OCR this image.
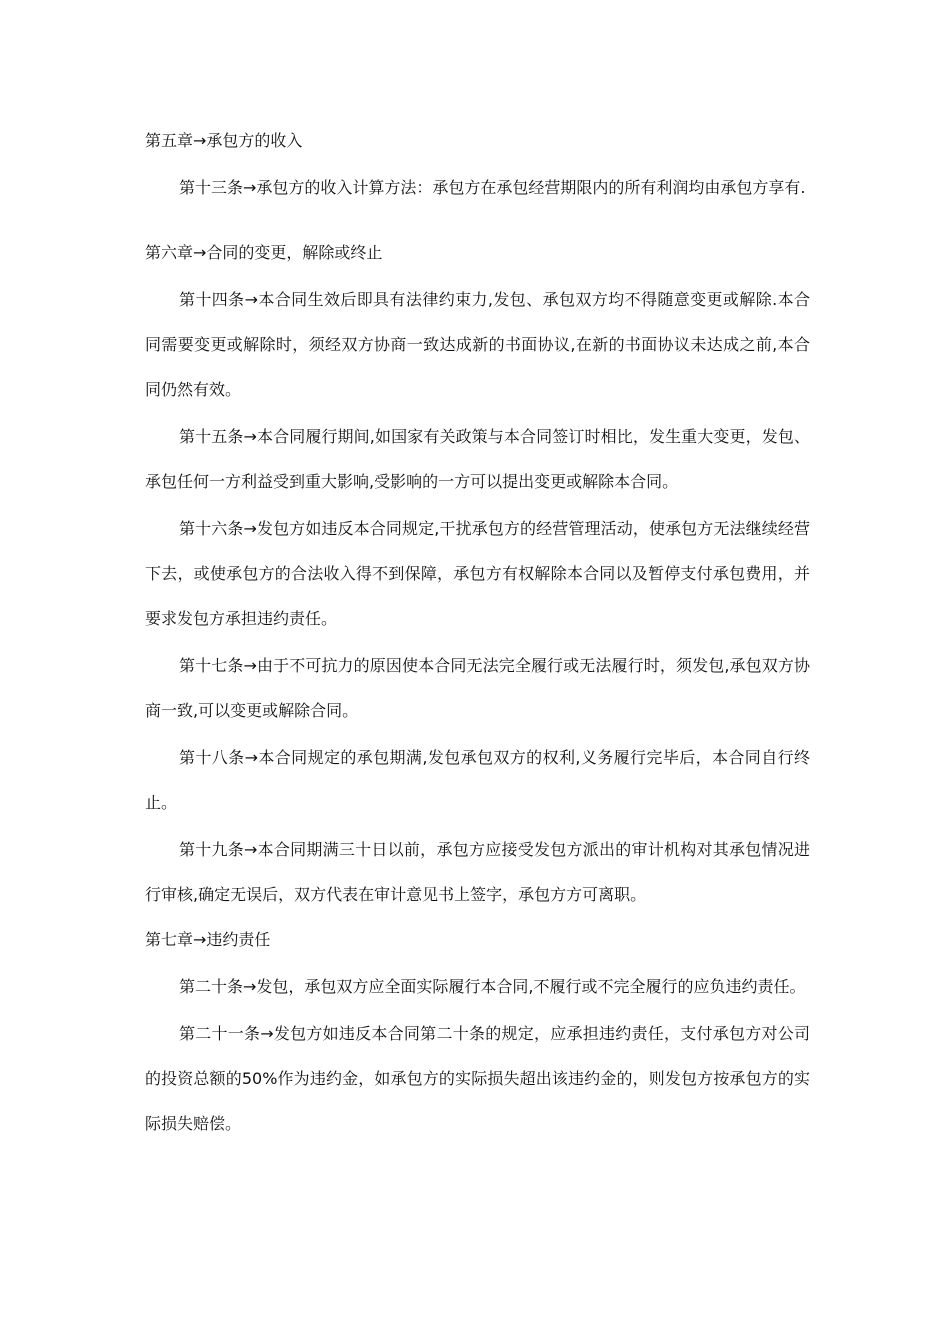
第五章→承包方的收入

第十三条→承包方的收入计算方法：承包方在承包经营期限内的所有利润均由承包方享有.

第六章→合同的变更，解除或终止

第十四条→本合同生效后即具有法律约束力,发包、承包双方均不得随意变更或解除.本合同需要变更或解除时，须经双方协商一致达成新的书面协议,在新的书面协议未达成之前,本合同仍然有效。

第十五条→本合同履行期间,如国家有关政策与本合同签订时相比，发生重大变更，发包、承包任何一方利益受到重大影响,受影响的一方可以提出变更或解除本合同。

第十六条→发包方如违反本合同规定,干扰承包方的经营管理活动，使承包方无法继续经营下去，或使承包方的合法收入得不到保障，承包方有权解除本合同以及暂停支付承包费用，并要求发包方承担违约责任。

第十七条→由于不可抗力的原因使本合同无法完全履行或无法履行时，须发包,承包双方协商一致,可以变更或解除合同。

第十八条→本合同规定的承包期满,发包承包双方的权利,义务履行完毕后，本合同自行终止。

第十九条→本合同期满三十日以前，承包方应接受发包方派出的审计机构对其承包情况进行审核,确定无误后，双方代表在审计意见书上签字，承包方方可离职。

第七章→违约责任

第二十条→发包，承包双方应全面实际履行本合同,不履行或不完全履行的应负违约责任。

第二十一条→发包方如违反本合同第二十条的规定，应承担违约责任，支付承包方对公司的投资总额的50%作为违约金，如承包方的实际损失超出该违约金的，则发包方按承包方的实际损失赔偿。
